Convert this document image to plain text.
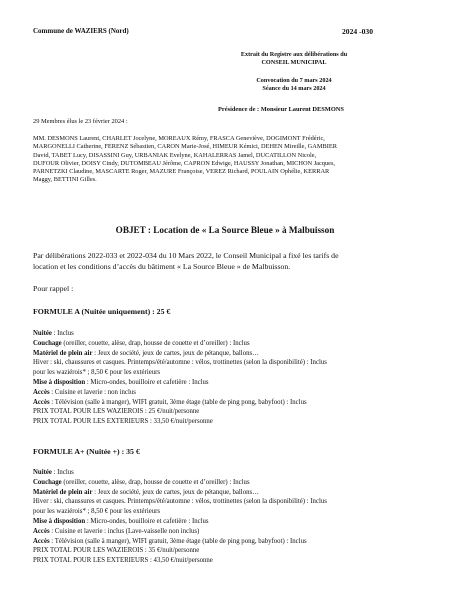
Commune de WAZIERS (Nord)	2024 -030
Extrait du Registre aux délibérations du
CONSEIL MUNICIPAL
Convocation du 7 mars 2024
Séance du 14 mars 2024
Présidence de : Monsieur Laurent DESMONS
29 Membres élus le 23 février 2024 :
MM. DESMONS Laurent, CHARLET Jocelyne, MOREAUX Rémy, FRASCA Geneviève, DOGIMONT Frédéric,
MARGONELLI Catherine, FERENZ Sébastien, CARON Marie-José, HIMEUR Kémici, DEHEN Mireille, GAMBIER
David, TABET Lucy, DISASSINI Guy, URBANIAK Evelyne, KAHALERRAS Jamel, DUCATILLON Nicole,
DUFOUR Olivier, DOISY Cindy, DUTOMBEAU Jérôme, CAPRON Edwige, HAUSSY Jonathan, MICHON Jacques,
PARNETZKI Claudine, MASCARTE Roger, MAZURE Françoise, VEREZ Richard, POULAIN Ophélie, KERRAR
Maggy, BETTINI Gilles.
OBJET : Location de « La Source Bleue » à Malbuisson
Par délibérations 2022-033 et 2022-034 du 10 Mars 2022, le Conseil Municipal a fixé les tarifs de
location et les conditions d’accès du bâtiment « La Source Bleue » de Malbuisson.
Pour rappel :
FORMULE A (Nuitée uniquement) : 25 €
Nuitée : Inclus
Couchage (oreiller, couette, alèse, drap, housse de couette et d’oreiller) : Inclus
Matériel de plein air : Jeux de société, jeux de cartes, jeux de pétanque, ballons…
Hiver : ski, chaussures et casques. Printemps/été/automne : vélos, trottinettes (selon la disponibilité) : Inclus
pour les waziérois* ; 8,50 € pour les extérieurs
Mise à disposition : Micro-ondes, bouilloire et cafetière : Inclus
Accès : Cuisine et laverie : non inclus
Accès : Télévision (salle à manger), WIFI gratuit, 3ème étage (table de ping pong, babyfoot) : Inclus
PRIX TOTAL POUR LES WAZIEROIS : 25 €/nuit/personne
PRIX TOTAL POUR LES EXTERIEURS : 33,50 €/nuit/personne
FORMULE A+ (Nuitée +) : 35 €
Nuitée : Inclus
Couchage (oreiller, couette, alèse, drap, housse de couette et d’oreiller) : Inclus
Matériel de plein air : Jeux de société, jeux de cartes, jeux de pétanque, ballons…
Hiver : ski, chaussures et casques. Printemps/été/automne : vélos, trottinettes (selon la disponibilité) : Inclus
pour les waziérois* ; 8,50 € pour les extérieurs
Mise à disposition : Micro-ondes, bouilloire et cafetière : Inclus
Accès : Cuisine et laverie : inclus (Lave-vaisselle non inclus)
Accès : Télévision (salle à manger), WIFI gratuit, 3ème étage (table de ping pong, babyfoot) : Inclus
PRIX TOTAL POUR LES WAZIEROIS : 35 €/nuit/personne
PRIX TOTAL POUR LES EXTERIEURS : 43,50 €/nuit/personne
